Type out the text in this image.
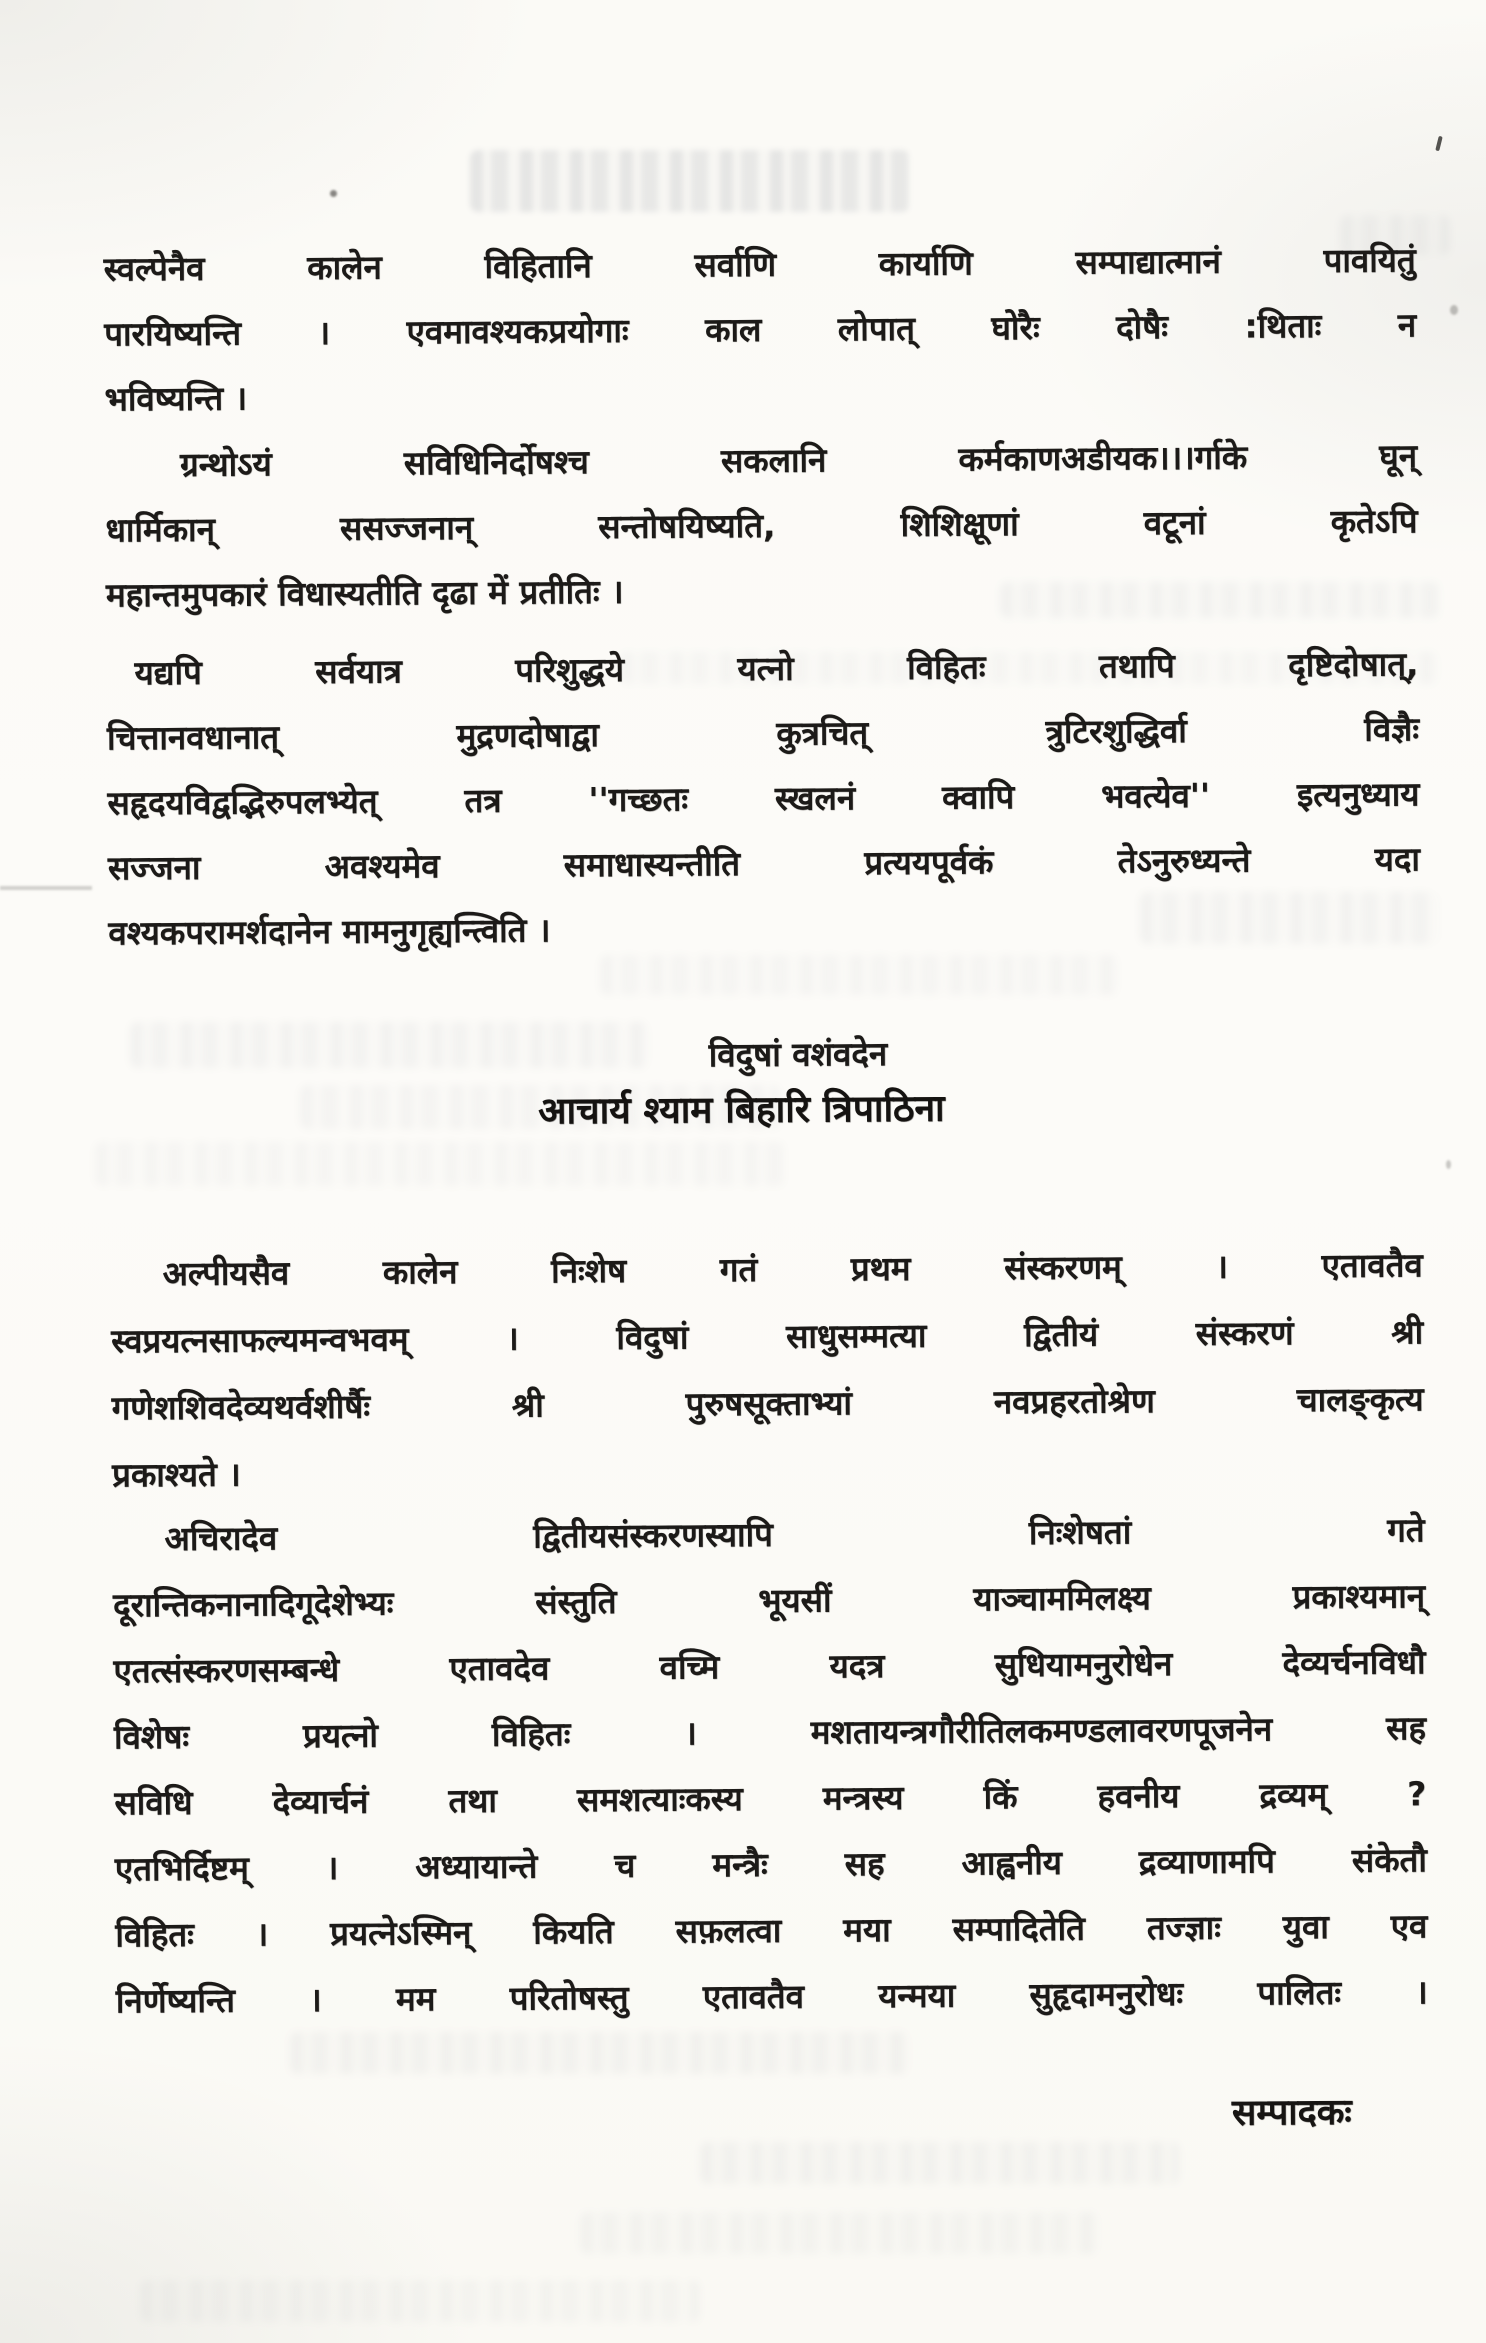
स्वल्पेनैव कालेन विहितानि सर्वाणि कार्याणि सम्पाद्यात्मानं पावयितुं
पारयिष्यन्ति । एवमावश्यकप्रयोगाः काल लोपात् घोरैः दोषैः :थिताः न
भविष्यन्ति ।
ग्रन्थोऽयं सविधिनिर्दोषश्च सकलानि कर्मकाणअडीयक।।।र्गाके घून्
धार्मिकान् ससज्जनान् सन्तोषयिष्यति, शिशिक्षूणां वटूनां कृतेऽपि
महान्तमुपकारं विधास्यतीति दृढा में प्रतीतिः ।
यद्यपि सर्वयात्र परिशुद्धये यत्नो विहितः तथापि दृष्टिदोषात्,
चित्तानवधानात् मुद्रणदोषाद्वा कुत्रचित् त्रुटिरशुद्धिर्वा विज्ञैः
सहृदयविद्वद्भिरुपलभ्येत् तत्र ''गच्छतः स्खलनं क्वापि भवत्येव'' इत्यनुध्याय
सज्जना अवश्यमेव समाधास्यन्तीति प्रत्ययपूर्वकं तेऽनुरुध्यन्ते यदा
वश्यकपरामर्शदानेन मामनुगृह्यन्त्विति ।
विदुषां वशंवदेन
आचार्य श्याम बिहारि त्रिपाठिना
अल्पीयसैव कालेन निःशेष गतं प्रथम संस्करणम् । एतावतैव
स्वप्रयत्नसाफल्यमन्वभवम् । विदुषां साधुसम्मत्या द्वितीयं संस्करणं श्री
गणेशशिवदेव्यथर्वशीर्षैः श्री पुरुषसूक्ताभ्यां नवप्रहरतोश्रेण चालङ्कृत्य
प्रकाश्यते ।
अचिरादेव द्वितीयसंस्करणस्यापि निःशेषतां गते
दूरान्तिकनानादिगूदेशेभ्यः संस्तुति भूयसीं याञ्चाममिलक्ष्य प्रकाश्यमान्
एतत्संस्करणसम्बन्धे एतावदेव वच्मि यदत्र सुधियामनुरोधेन देव्यर्चनविधौ
विशेषः प्रयत्नो विहितः । मशतायन्त्रगौरीतिलकमण्डलावरणपूजनेन सह
सविधि देव्यार्चनं तथा समशत्याःकस्य मन्त्रस्य किं हवनीय द्रव्यम् ?
एतभिर्दिष्टम् । अध्यायान्ते च मन्त्रैः सह आह्वनीय द्रव्याणामपि संकेतौ
विहितः । प्रयत्नेऽस्मिन् कियति सफ़लत्वा मया सम्पादितेति तज्ज्ञाः युवा एव
निर्णेष्यन्ति । मम परितोषस्तु एतावतैव यन्मया सुहृदामनुरोधः पालितः ।
सम्पादकः
